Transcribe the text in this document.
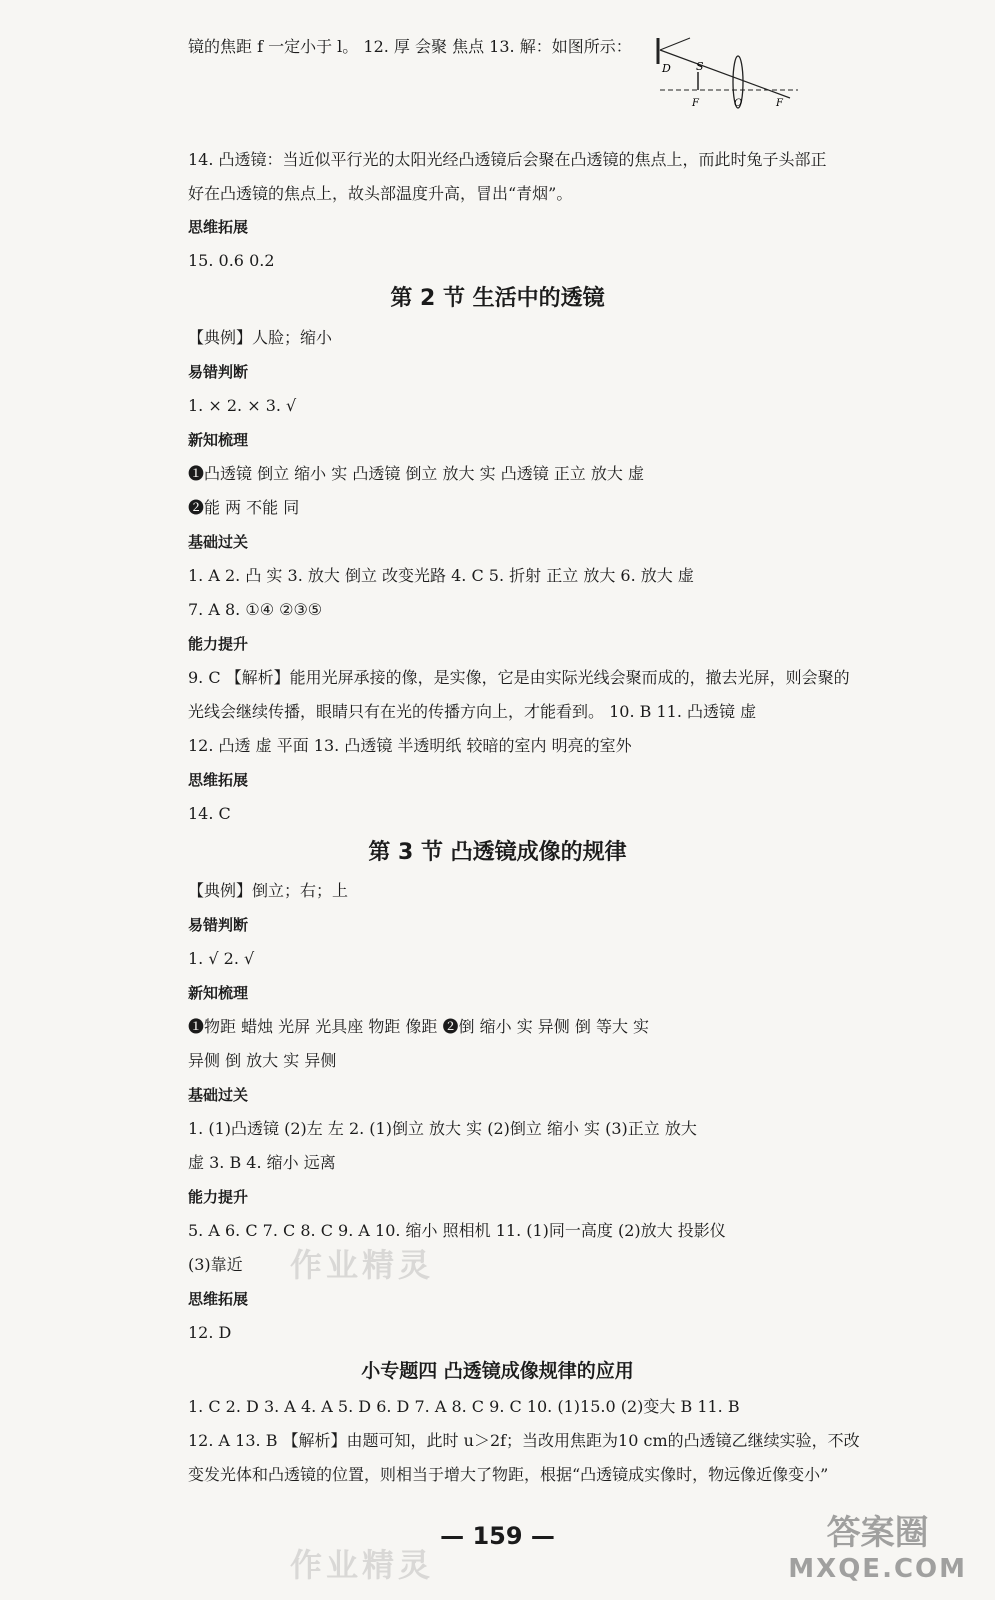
镜的焦距 f 一定小于 l。 12. 厚 会聚 焦点 13. 解：如图所示：
D S
F	O	F
14. 凸透镜：当近似平行光的太阳光经凸透镜后会聚在凸透镜的焦点上，而此时兔子头部正
好在凸透镜的焦点上，故头部温度升高，冒出“青烟”。
思维拓展
15. 0.6 0.2
第 2 节 生活中的透镜
【典例】人脸；缩小
易错判断
1. × 2. × 3. √
新知梳理
❶凸透镜 倒立 缩小 实 凸透镜 倒立 放大 实 凸透镜 正立 放大 虚
❷能 两 不能 同
基础过关
1. A 2. 凸 实 3. 放大 倒立 改变光路 4. C 5. 折射 正立 放大 6. 放大 虚
7. A 8. ①④ ②③⑤
能力提升
9. C 【解析】能用光屏承接的像，是实像，它是由实际光线会聚而成的，撤去光屏，则会聚的
光线会继续传播，眼睛只有在光的传播方向上，才能看到。 10. B 11. 凸透镜 虚
12. 凸透 虚 平面 13. 凸透镜 半透明纸 较暗的室内 明亮的室外
思维拓展
14. C
第 3 节 凸透镜成像的规律
【典例】倒立；右；上
易错判断
1. √ 2. √
新知梳理
❶物距 蜡烛 光屏 光具座 物距 像距 ❷倒 缩小 实 异侧 倒 等大 实
异侧 倒 放大 实 异侧
基础过关
1. (1)凸透镜 (2)左 左 2. (1)倒立 放大 实 (2)倒立 缩小 实 (3)正立 放大
虚 3. B 4. 缩小 远离
能力提升
5. A 6. C 7. C 8. C 9. A 10. 缩小 照相机 11. (1)同一高度 (2)放大 投影仪
(3)靠近
思维拓展
12. D
小专题四 凸透镜成像规律的应用
1. C 2. D 3. A 4. A 5. D 6. D 7. A 8. C 9. C 10. (1)15.0 (2)变大 B 11. B
12. A 13. B 【解析】由题可知，此时 u＞2f；当改用焦距为10 cm的凸透镜乙继续实验，不改
变发光体和凸透镜的位置，则相当于增大了物距，根据“凸透镜成实像时，物远像近像变小”
作业精灵
作业精灵
— 159 —	答案圈
MXQE.COM
